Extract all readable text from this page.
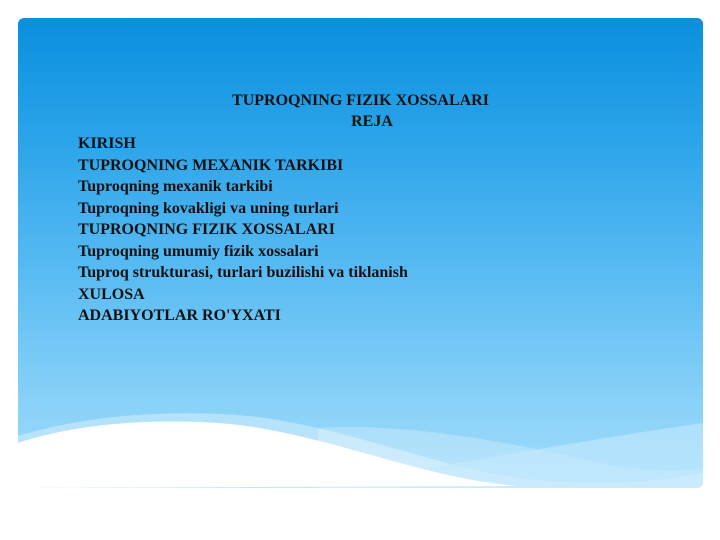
TUPROQNING FIZIK XOSSALARI
REJA
KIRISH
TUPROQNING MEXANIK TARKIBI
Tuproqning mexanik tarkibi
Tuproqning kovakligi va uning turlari
TUPROQNING FIZIK XOSSALARI
Tuproqning umumiy fizik xossalari
Tuproq strukturasi, turlari buzilishi va tiklanish
XULOSA
ADABIYOTLAR RO'YXATI
